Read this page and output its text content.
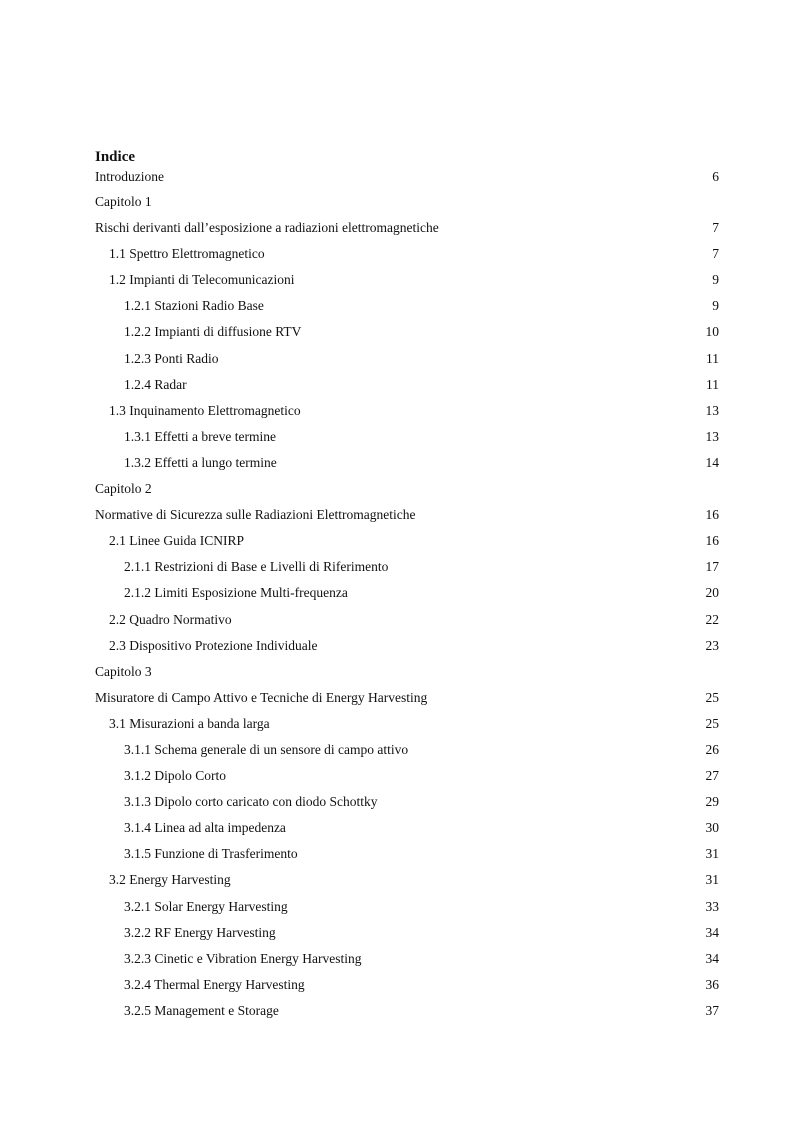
Indice
Introduzione	6
Capitolo 1
Rischi derivanti dall’esposizione a radiazioni elettromagnetiche	7
1.1 Spettro Elettromagnetico	7
1.2 Impianti di Telecomunicazioni	9
1.2.1 Stazioni Radio Base	9
1.2.2 Impianti di diffusione RTV	10
1.2.3 Ponti Radio	11
1.2.4 Radar	11
1.3 Inquinamento Elettromagnetico	13
1.3.1 Effetti a breve termine	13
1.3.2 Effetti a lungo termine	14
Capitolo 2
Normative di Sicurezza sulle Radiazioni Elettromagnetiche	16
2.1 Linee Guida ICNIRP	16
2.1.1 Restrizioni di Base e Livelli di Riferimento	17
2.1.2 Limiti Esposizione Multi-frequenza	20
2.2 Quadro Normativo	22
2.3 Dispositivo Protezione Individuale	23
Capitolo 3
Misuratore di Campo Attivo e Tecniche di Energy Harvesting	25
3.1 Misurazioni a banda larga	25
3.1.1 Schema generale di un sensore di campo attivo	26
3.1.2 Dipolo Corto	27
3.1.3 Dipolo corto caricato con diodo Schottky	29
3.1.4 Linea ad alta impedenza	30
3.1.5 Funzione di Trasferimento	31
3.2 Energy Harvesting	31
3.2.1 Solar Energy Harvesting	33
3.2.2 RF Energy Harvesting	34
3.2.3 Cinetic e Vibration Energy Harvesting	34
3.2.4 Thermal Energy Harvesting	36
3.2.5 Management e Storage	37
